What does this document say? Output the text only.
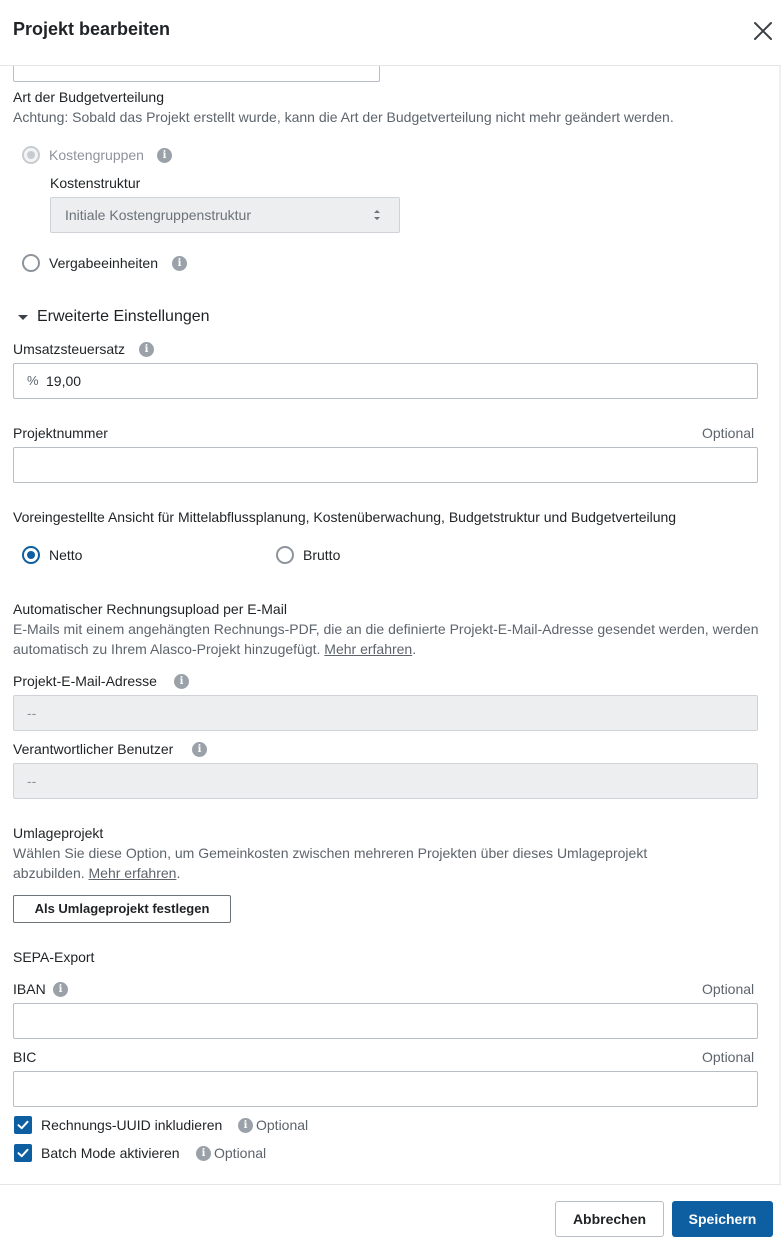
Projekt bearbeiten
Art der Budgetverteilung
Achtung: Sobald das Projekt erstellt wurde, kann die Art der Budgetverteilung nicht mehr geändert werden.
Kostengruppen	i
Kostenstruktur
Initiale Kostengruppenstruktur
Vergabeeinheiten	i
Erweiterte Einstellungen
Umsatzsteuersatz	i
% 19,00
Projektnummer	Optional
Voreingestellte Ansicht für Mittelabflussplanung, Kostenüberwachung, Budgetstruktur und Budgetverteilung
Netto	Brutto
Automatischer Rechnungsupload per E-Mail
E-Mails mit einem angehängten Rechnungs-PDF, die an die definierte Projekt-E-Mail-Adresse gesendet werden, werden automatisch zu Ihrem Alasco-Projekt hinzugefügt. Mehr erfahren.
Projekt-E-Mail-Adresse	i
--
Verantwortlicher Benutzer	i
--
Umlageprojekt
Wählen Sie diese Option, um Gemeinkosten zwischen mehreren Projekten über dieses Umlageprojekt abzubilden. Mehr erfahren.
Als Umlageprojekt festlegen
SEPA-Export
IBAN	i	Optional
BIC	Optional
Rechnungs-UUID inkludieren	i Optional
Batch Mode aktivieren	i Optional
Abbrechen	Speichern
